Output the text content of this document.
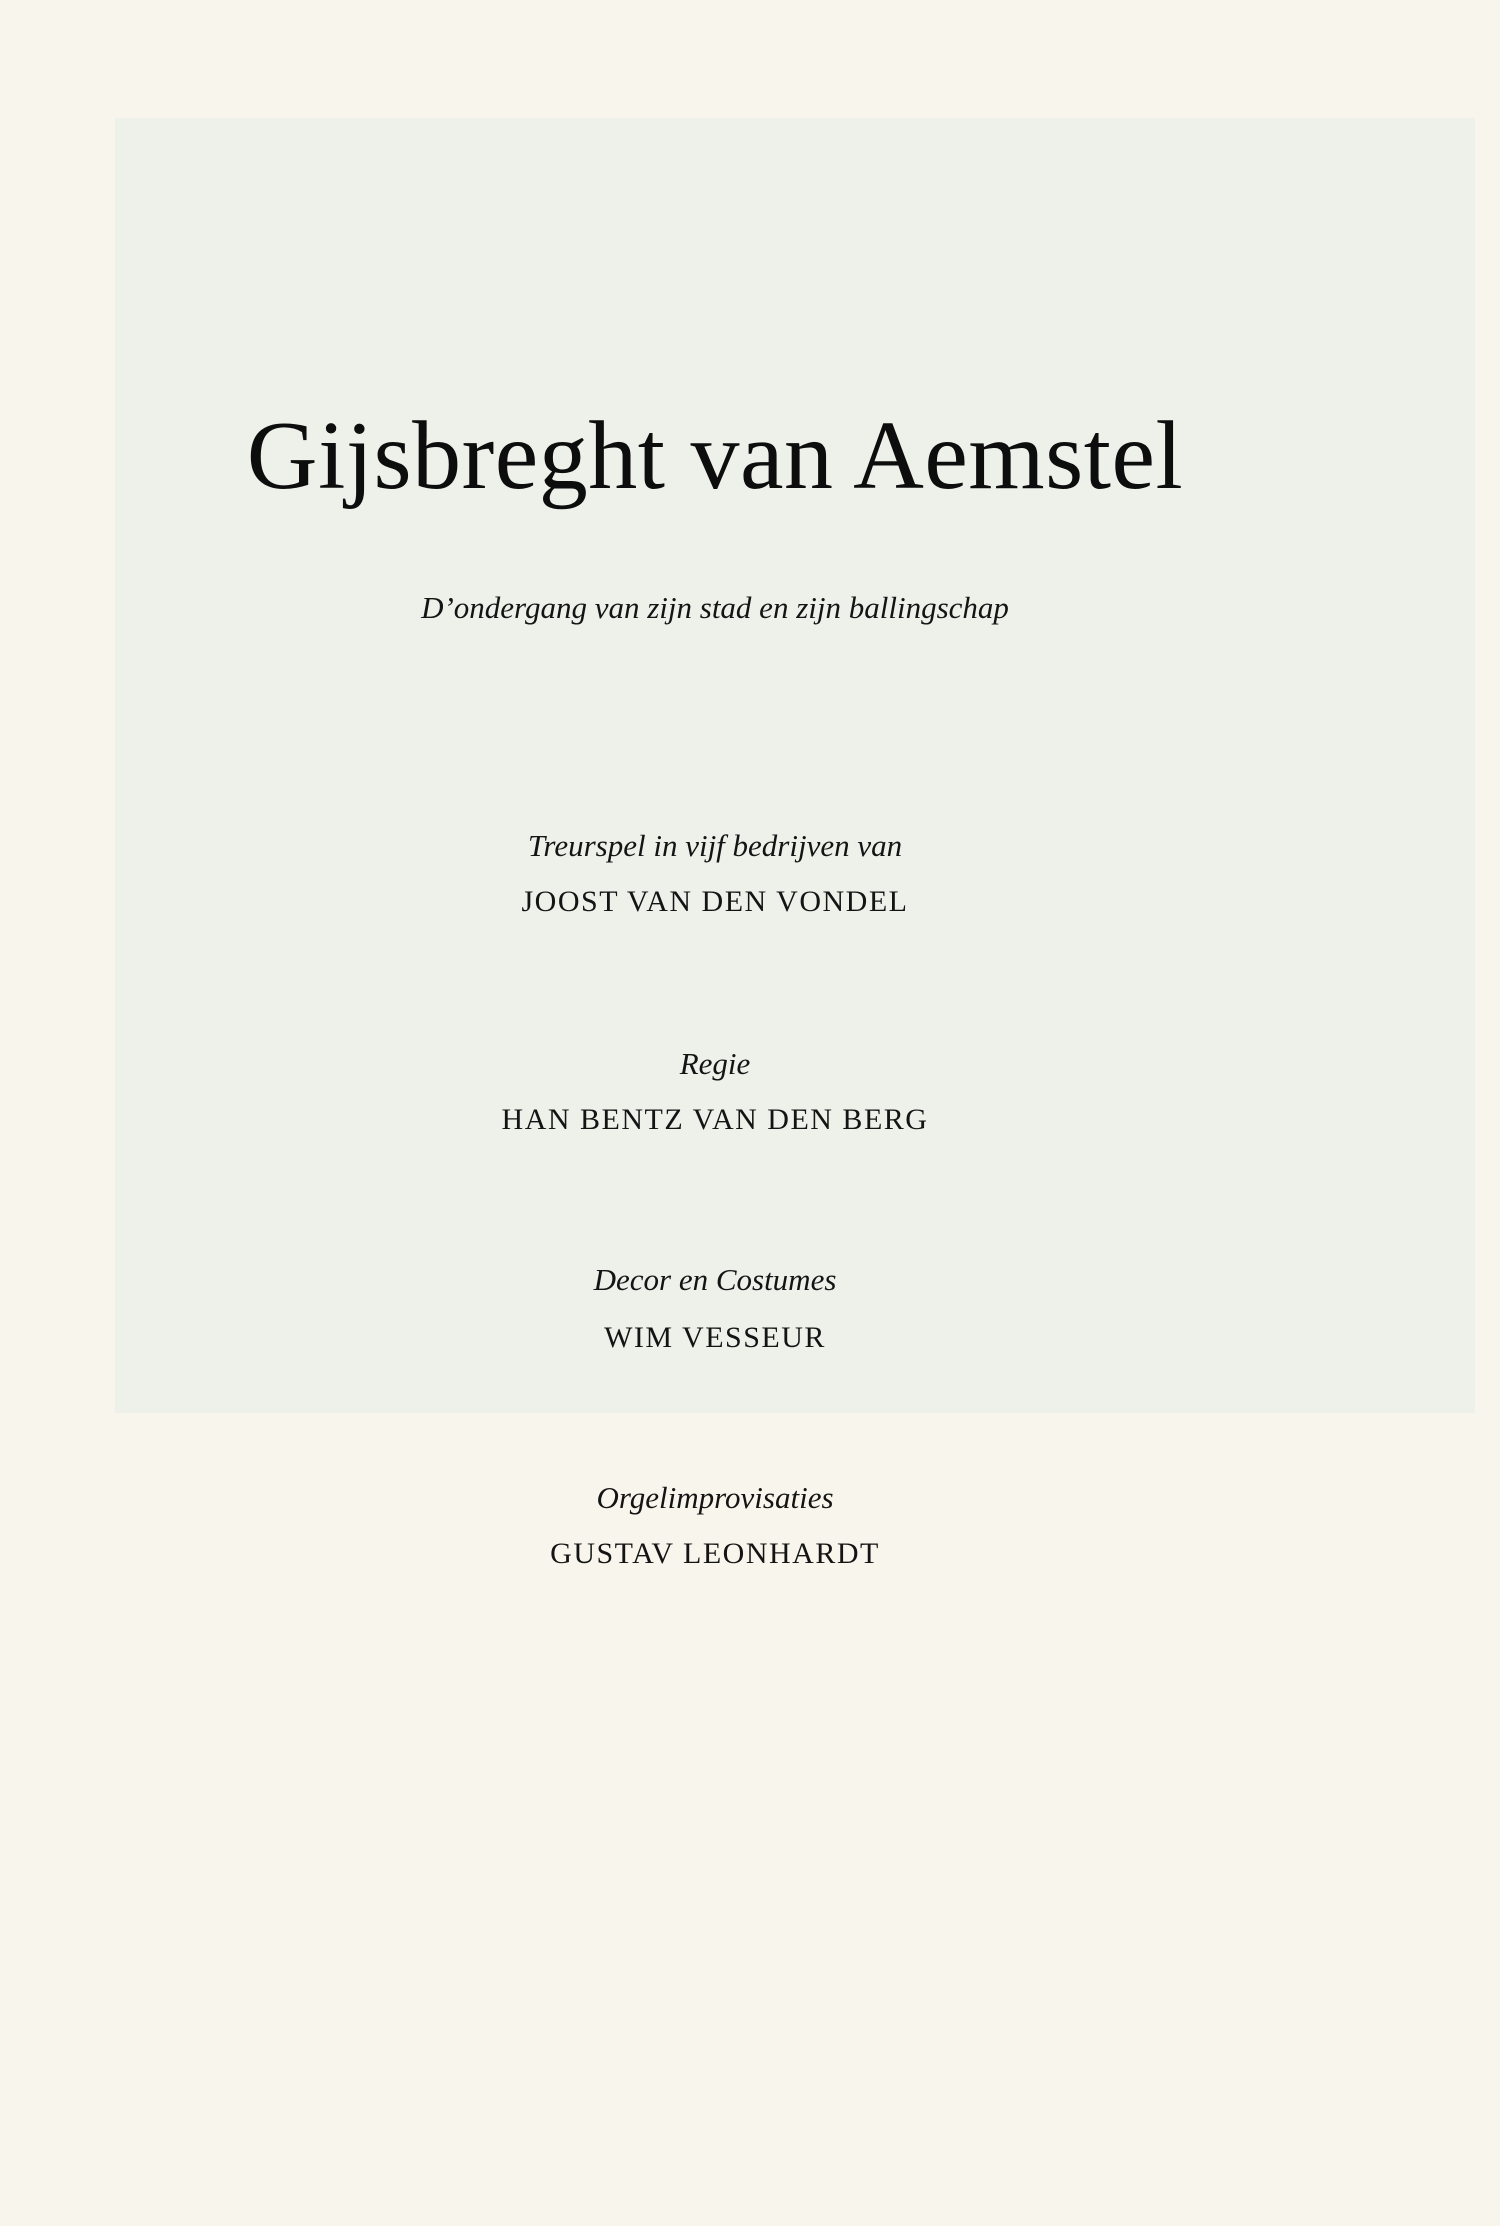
Gijsbreght van Aemstel
D’ondergang van zijn stad en zijn ballingschap
Treurspel in vijf bedrijven van
JOOST VAN DEN VONDEL
Regie
HAN BENTZ VAN DEN BERG
Decor en Costumes
WIM VESSEUR
Orgelimprovisaties
GUSTAV LEONHARDT
